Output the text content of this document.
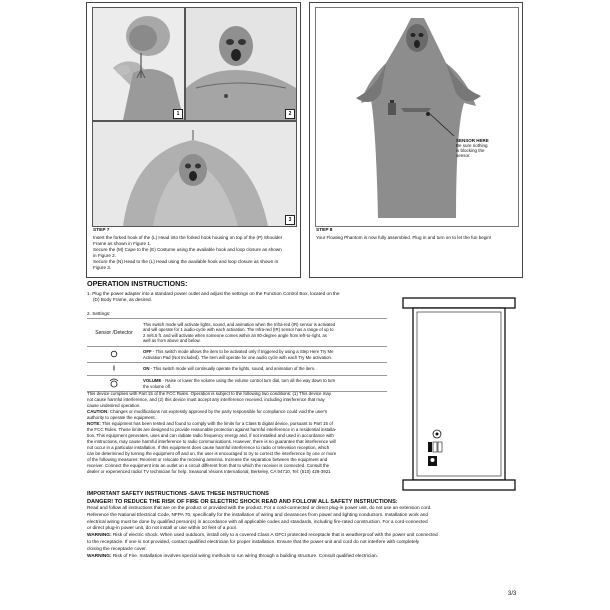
1	2
3
STEP 7
Insert the forked hook of the (L) Head into the forked hook housing on top of the (P) Shoulder
Frame as shown in Figure 1.
Secure the (M) Cape to the (E) Costume using the available hook and loop closure as shown
in Figure 2.
Secure the (N) Head to the (L) Head using the available hook and loop closure as shown in
Figure 3.
SENSOR HERE
Be sure nothing
is blocking the
sensor.
STEP 8
Your Floating Phantom is now fully assembled. Plug in and turn on to let the fun begin!
OPERATION INSTRUCTIONS:
1. Plug the power adapter into a standard power outlet and adjust the settings on the Function Control Box, located on the
(D) Body Frame, as desired.
2. Settings:
Sensor /Detector	This switch mode will activate lights, sound, and animation when the Infra-red (IR) sensor is activated
and will operate for 1 audio-cycle with each activation. The Infra-red (IR) sensor has a range of up to
2 m/6.5 ft. and will activate when someone comes within an 80-degree angle from left-to-right, as
well as from above and below.

OFF - This switch mode allows the item to be activated only if triggered by using a Step Here Try Me
Activation Pad (Not Included). The item will operate for one audio cycle with each Try Me activation.

ON - This switch mode will continually operate the lights, sound, and animation of the item.

VOLUME - Raise or lower the volume using the volume control turn dial, turn all the way down to turn
the volume off.
· · ·
This device complies with Part 15 of the FCC Rules. Operation is subject to the following two conditions: (1) This device may
not cause harmful interference, and (2) this device must accept any interference received, including interference that may
cause undesired operation.
CAUTION: Changes or modifications not expressly approved by the party responsible for compliance could void the user's
authority to operate the equipment.
NOTE: This equipment has been tested and found to comply with the limits for a Class B digital device, pursuant to Part 15 of
the FCC Rules. These limits are designed to provide reasonable protection against harmful interference in a residential installa-
tion. This equipment generates, uses and can radiate radio frequency energy and, if not installed and used in accordance with
the instructions, may cause harmful interference to radio communications. However, there is no guarantee that interference will
not occur in a particular installation. If this equipment does cause harmful interference to radio or television reception, which
can be determined by turning the equipment off and on, the user is encouraged to try to correct the interference by one or more
of the following measures: Reorient or relocate the receiving antenna. Increase the separation between the equipment and
receiver. Connect the equipment into an outlet on a circuit different from that to which the receiver is connected. Consult the
dealer or experienced radio/ TV technician for help. Seasonal Visions International, Berkeley, CA 94710, Tel: (510) 428-3921
IMPORTANT SAFETY INSTRUCTIONS -SAVE THESE INSTRUCTIONS
DANGER! TO REDUCE THE RISK OF FIRE OR ELECTRIC SHOCK READ AND FOLLOW ALL SAFETY INSTRUCTIONS:
Read and follow all instructions that are on the product or provided with the product. For a cord-connected or direct plug-in power unit, do not use an extension cord.
Reference the National Electrical Code, NFPA 70, specifically for the installation of wiring and clearances from power and lighting conductors. Installation work and
electrical wiring must be done by qualified person(s) in accordance with all applicable codes and standards, including fire-rated construction. For a cord-connected
or direct plug-in power unit, do not install or use within 10 feet of a pool.
WARNING: Risk of electric shock. When used outdoors, install only to a covered Class A GFCI protected receptacle that is weatherproof with the power unit connected
to the receptacle. If one is not provided, contact qualified electrician for proper installation. Ensure that the power unit and cord do not interfere with completely
closing the receptacle cover.
WARNING: Risk of Fire. Installation involves special wiring methods to run wiring through a building structure. Consult qualified electrician.
3/3
